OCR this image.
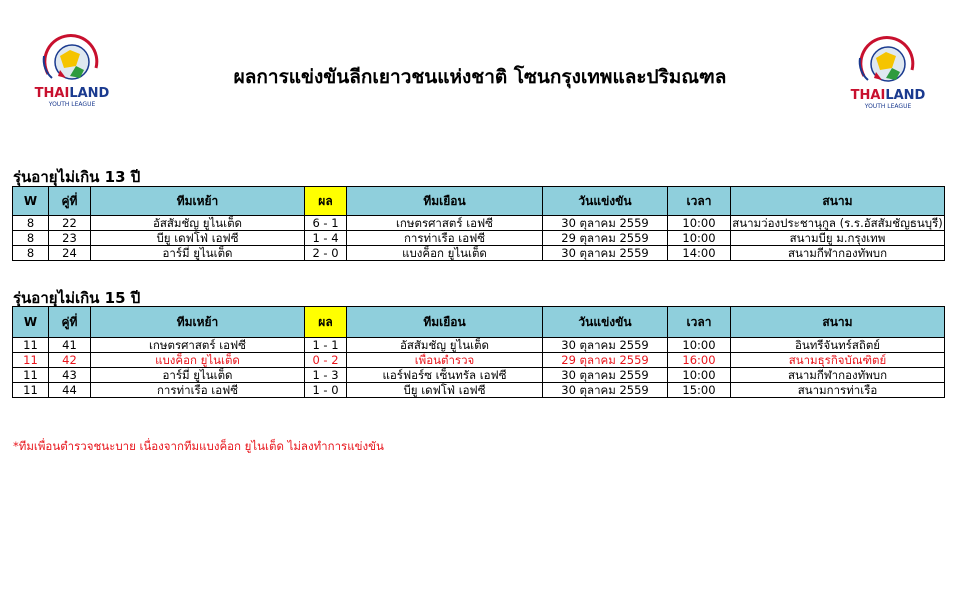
THAILAND
YOUTH LEAGUE
THAILAND
YOUTH LEAGUE
ผลการแข่งขันลีกเยาวชนแห่งชาติ โซนกรุงเทพและปริมณฑล
รุ่นอายุไม่เกิน 13 ปี
W	คู่ที่	ทีมเหย้า	ผล	ทีมเยือน	วันแข่งขัน	เวลา	สนาม
8	22	อัสสัมชัญ ยูไนเต็ด	6 - 1	เกษตรศาสตร์ เอฟซี	30 ตุลาคม 2559	10:00	สนามว่องประชานุกูล (ร.ร.อัสสัมชัญธนบุรี)
8	23	บียู เดฟโฟ่ เอฟซี	1 - 4	การท่าเรือ เอฟซี	29 ตุลาคม 2559	10:00	สนามบียู ม.กรุงเทพ
8	24	อาร์มี่ ยูไนเต็ด	2 - 0	แบงค็อก ยูไนเต็ด	30 ตุลาคม 2559	14:00	สนามกีฬากองทัพบก
รุ่นอายุไม่เกิน 15 ปี
W	คู่ที่	ทีมเหย้า	ผล	ทีมเยือน	วันแข่งขัน	เวลา	สนาม
11	41	เกษตรศาสตร์ เอฟซี	1 - 1	อัสสัมชัญ ยูไนเต็ด	30 ตุลาคม 2559	10:00	อินทรีจันทร์สถิตย์
11	42	แบงค็อก ยูไนเต็ด	0 - 2	เพื่อนตำรวจ	29 ตุลาคม 2559	16:00	สนามธุรกิจบัณฑิตย์
11	43	อาร์มี่ ยูไนเต็ด	1 - 3	แอร์ฟอร์ซ เซ็นทรัล เอฟซี	30 ตุลาคม 2559	10:00	สนามกีฬากองทัพบก
11	44	การท่าเรือ เอฟซี	1 - 0	บียู เดฟโฟ่ เอฟซี	30 ตุลาคม 2559	15:00	สนามการท่าเรือ
*ทีมเพื่อนตำรวจชนะบาย เนื่องจากทีมแบงค็อก ยูไนเต็ด ไม่ลงทำการแข่งขัน
